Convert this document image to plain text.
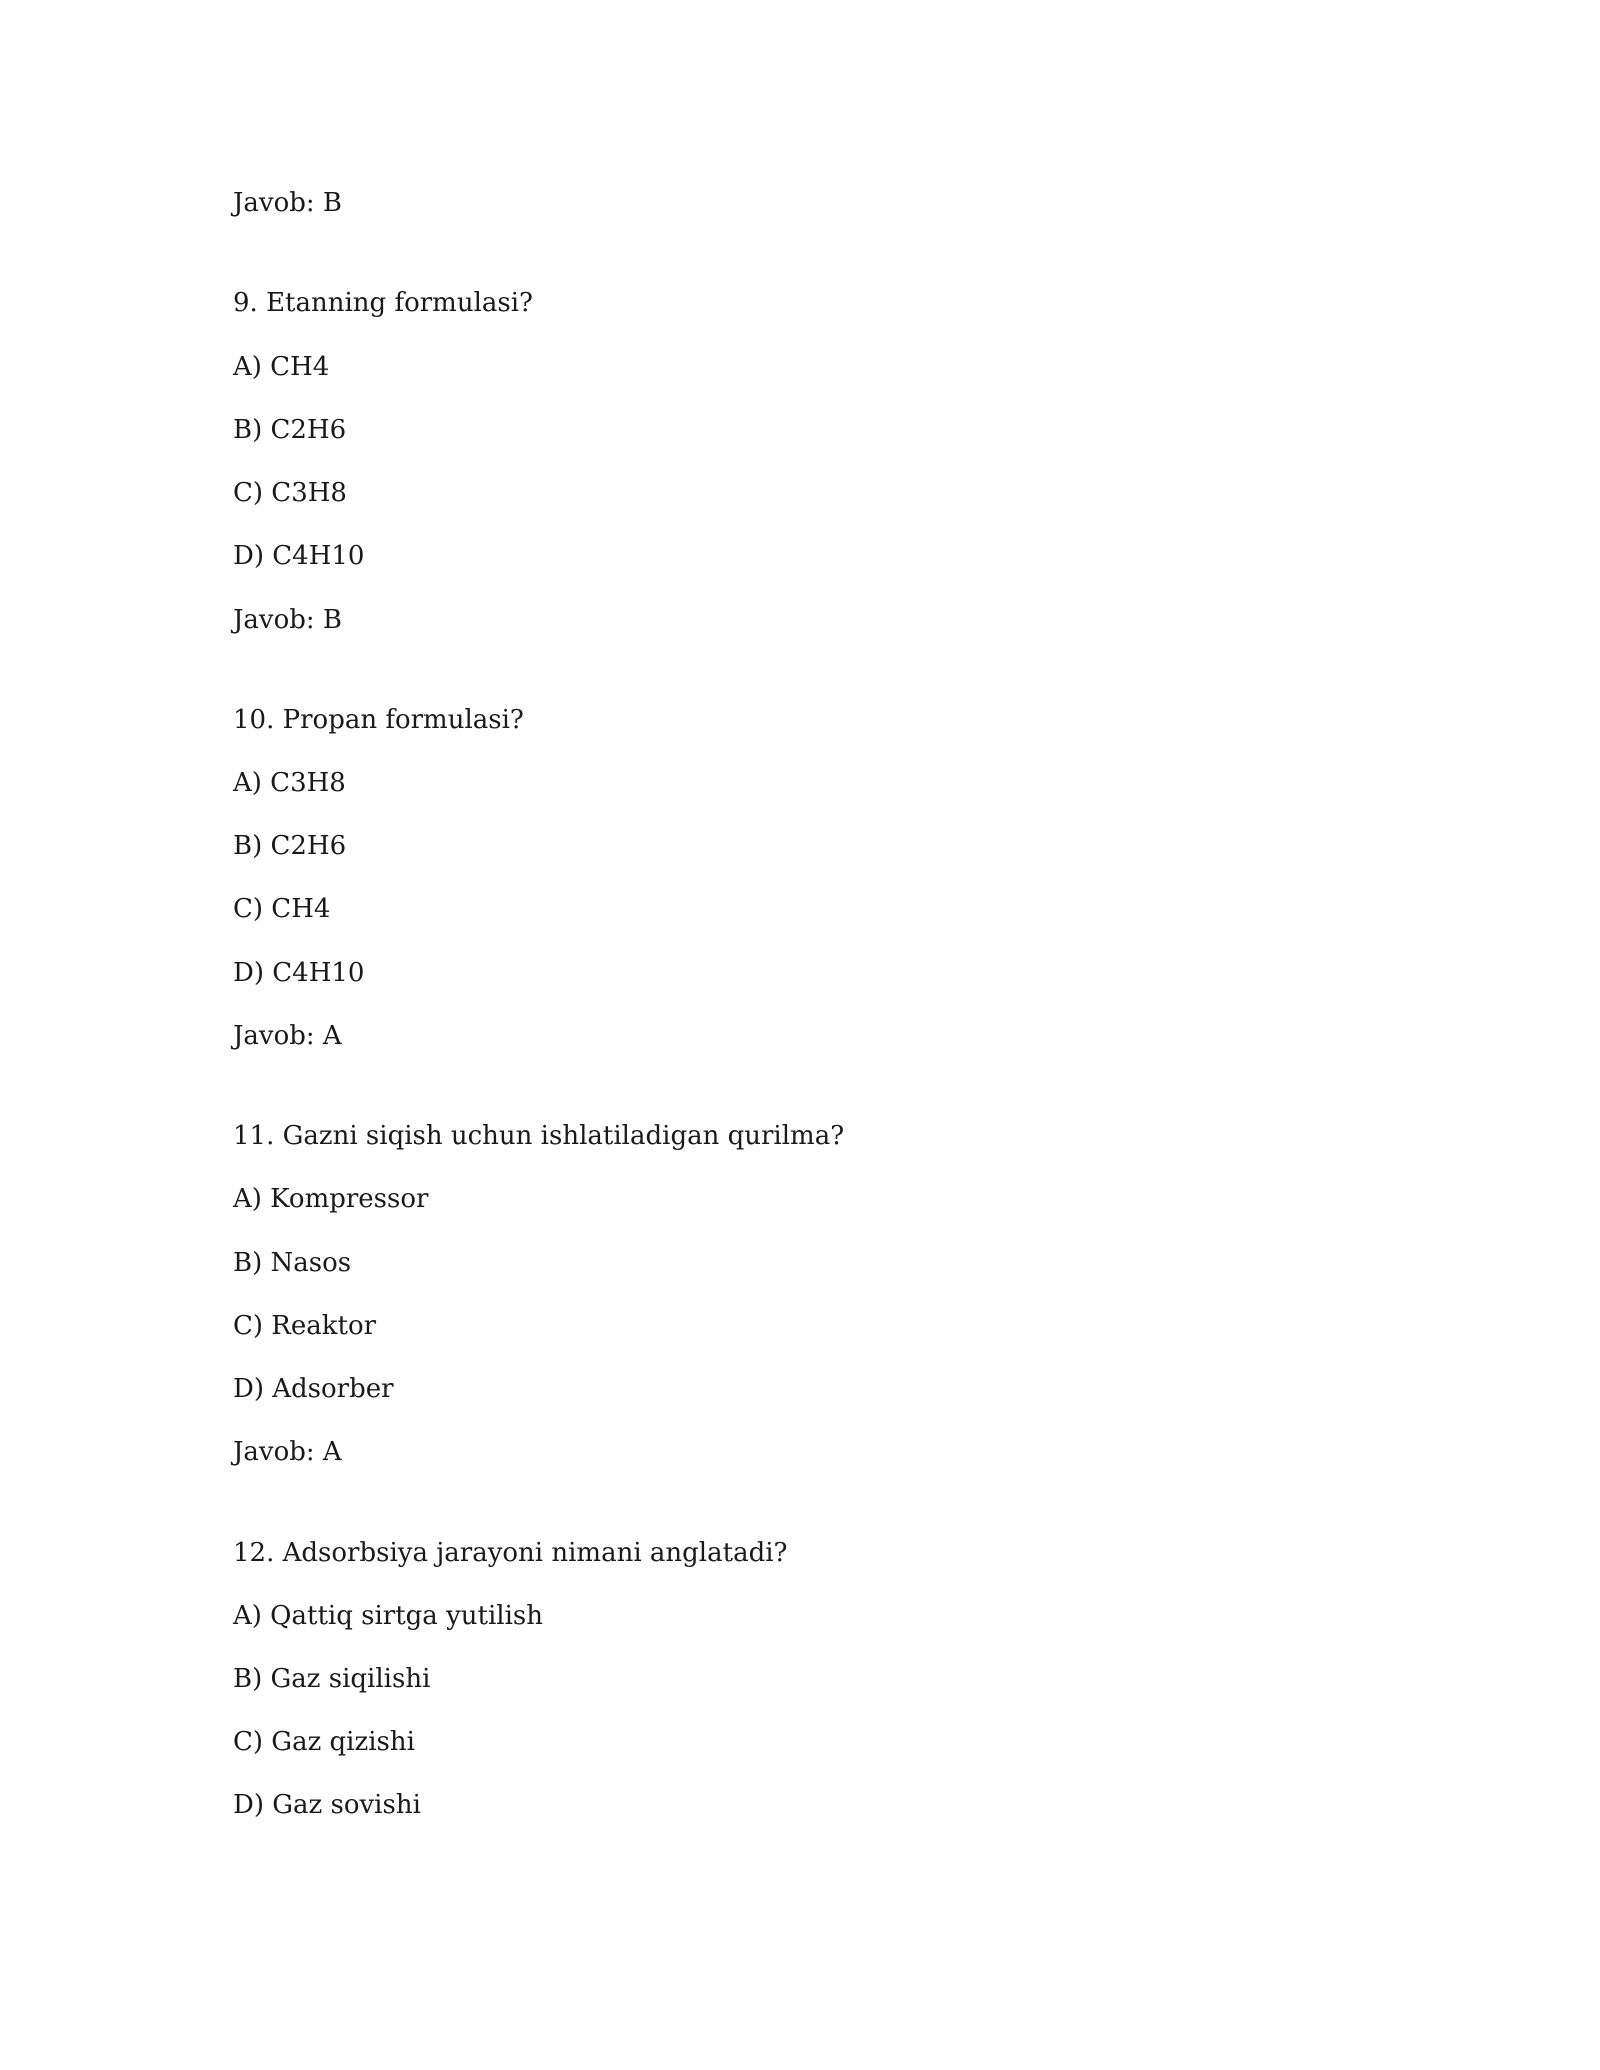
Javob: B
9. Etanning formulasi?
A) CH4
B) C2H6
C) C3H8
D) C4H10
Javob: B
10. Propan formulasi?
A) C3H8
B) C2H6
C) CH4
D) C4H10
Javob: A
11. Gazni siqish uchun ishlatiladigan qurilma?
A) Kompressor
B) Nasos
C) Reaktor
D) Adsorber
Javob: A
12. Adsorbsiya jarayoni nimani anglatadi?
A) Qattiq sirtga yutilish
B) Gaz siqilishi
C) Gaz qizishi
D) Gaz sovishi
